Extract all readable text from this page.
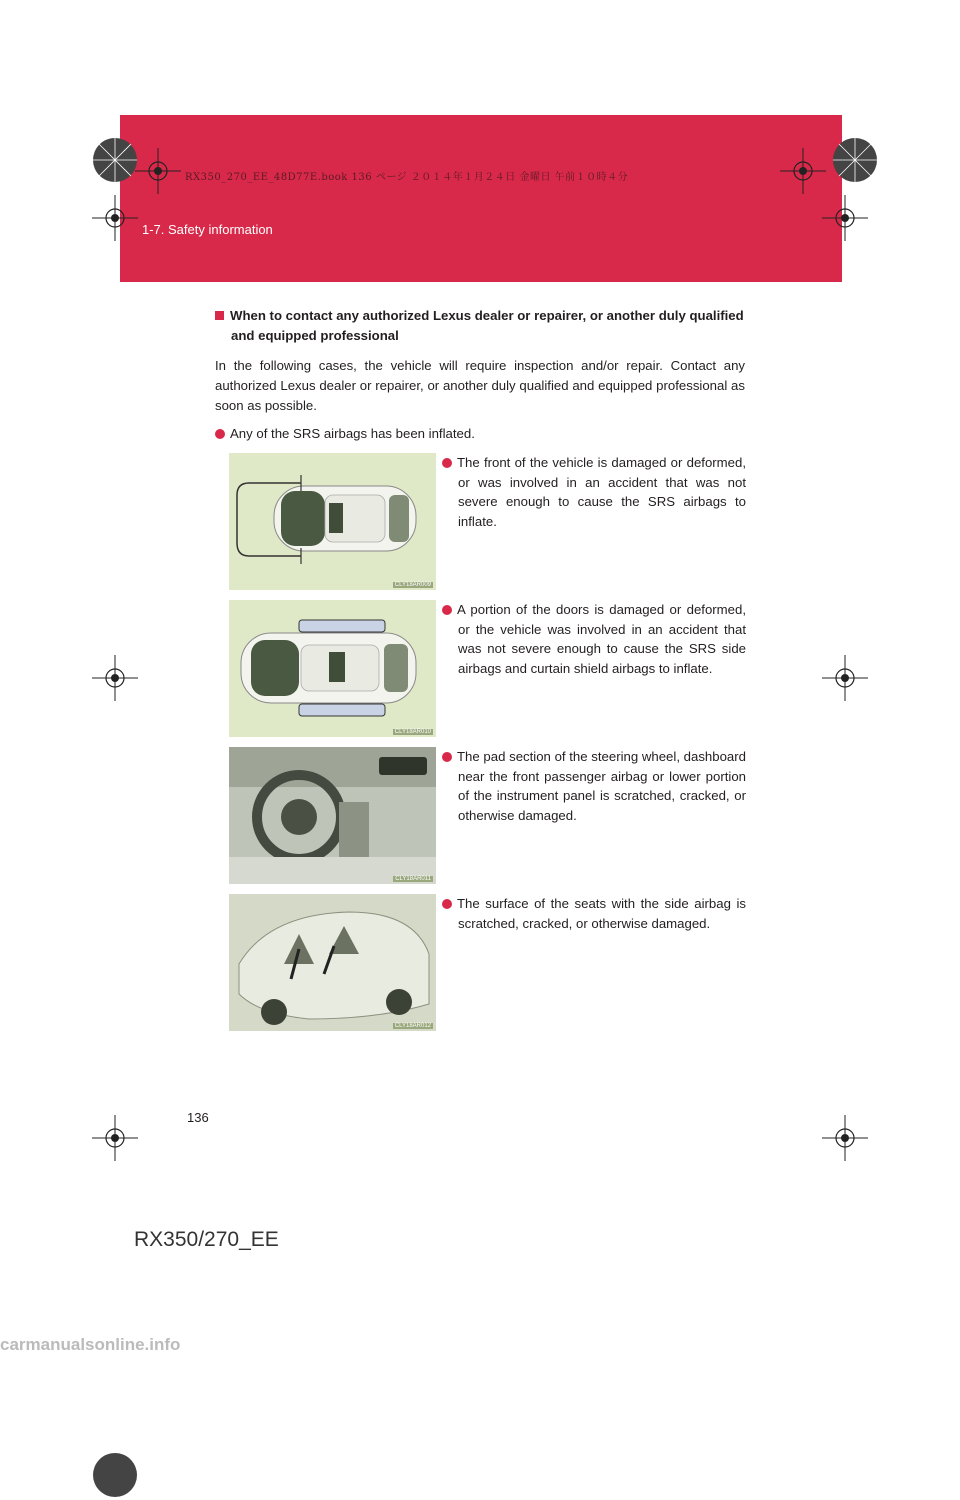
RX350_270_EE_48D77E.book 136 ページ ２０１４年１月２４日 金曜日 午前１０時４分
1-7. Safety information
When to contact any authorized Lexus dealer or repairer, or another duly qualified and equipped professional
In the following cases, the vehicle will require inspection and/or repair. Contact any authorized Lexus dealer or repairer, or another duly qualified and equipped professional as soon as possible.
Any of the SRS airbags has been inflated.
CLY18AR009
The front of the vehicle is damaged or deformed, or was involved in an accident that was not severe enough to cause the SRS airbags to inflate.
CLY18AR010
A portion of the doors is damaged or deformed, or the vehicle was involved in an accident that was not severe enough to cause the SRS side airbags and curtain shield airbags to inflate.
CLY18AR011
The pad section of the steering wheel, dashboard near the front passenger airbag or lower portion of the instrument panel is scratched, cracked, or otherwise damaged.
CLY18AR012
The surface of the seats with the side airbag is scratched, cracked, or otherwise damaged.
136
RX350/270_EE
carmanualsonline.info
